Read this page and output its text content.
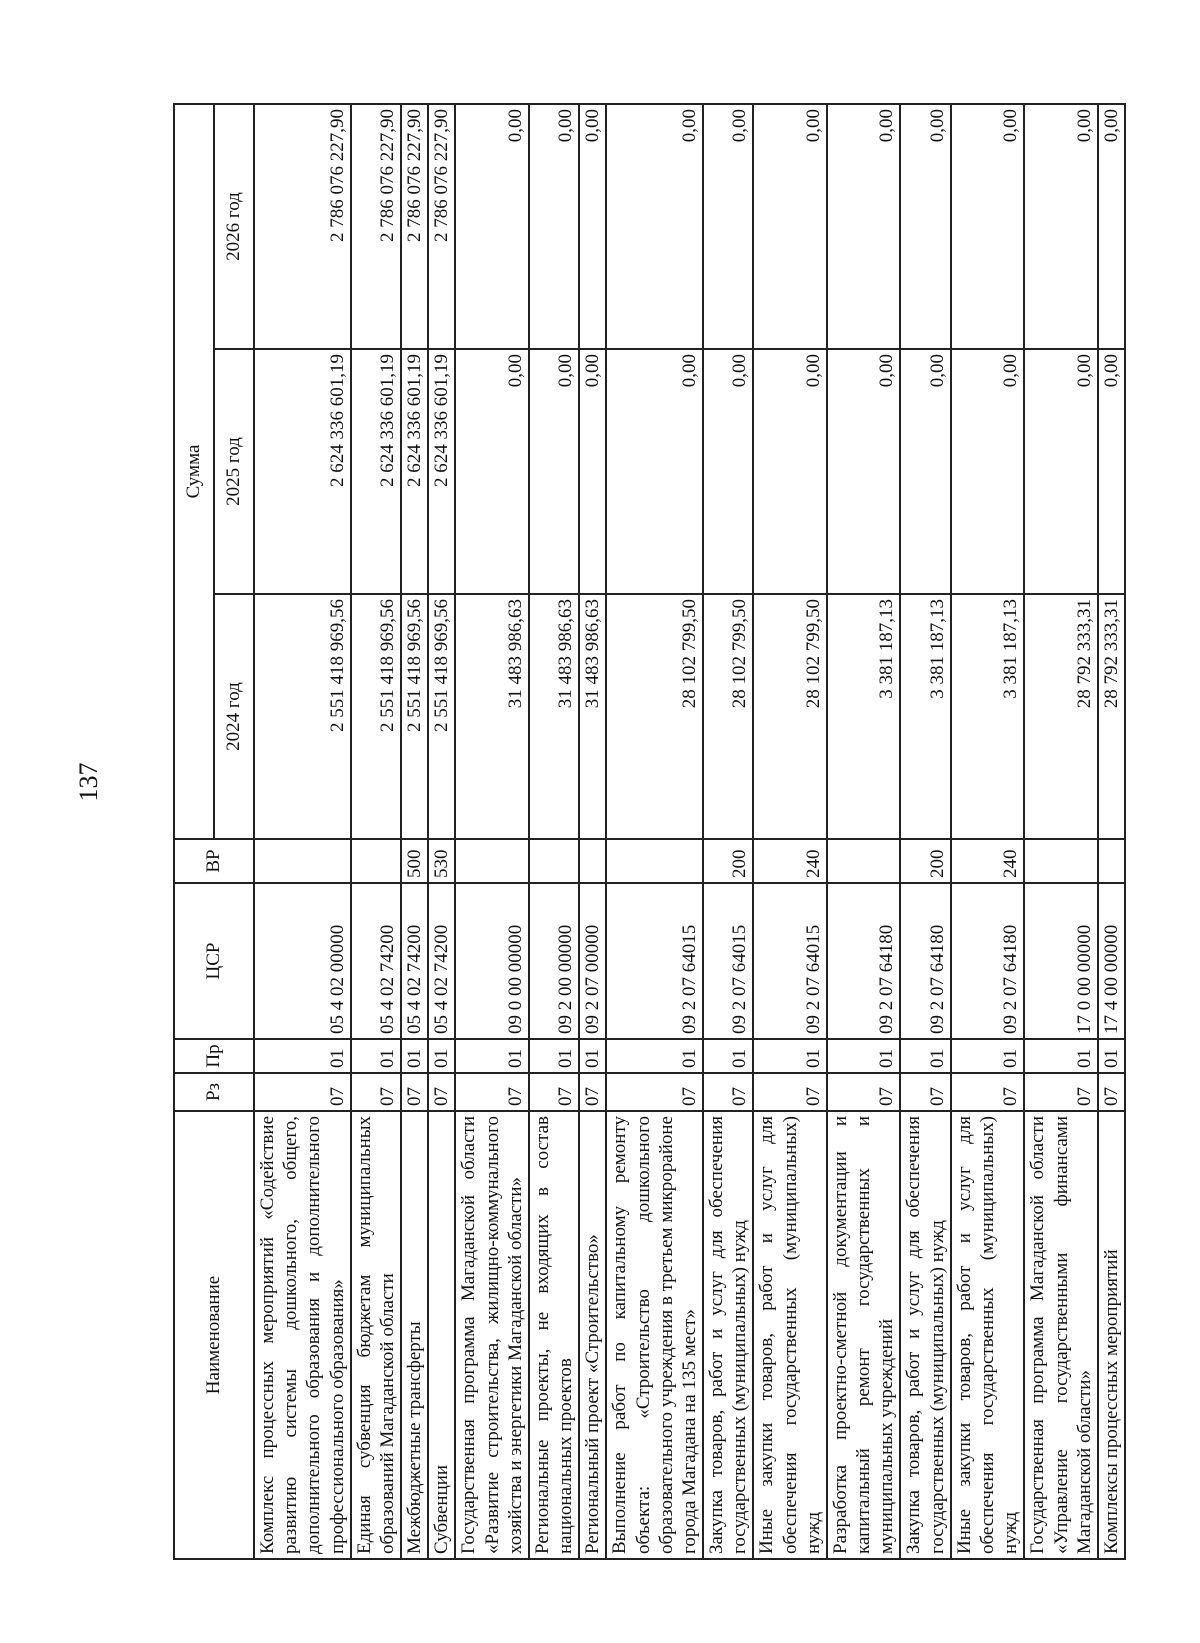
137
Наименование	Рз	Пр	ЦСР	ВР	Сумма		
					2024 год	2025 год	2026 год
Комплекс процессных мероприятий «Содействие развитию системы дошкольного, общего, дополнительного образования и дополнительного профессионального образования»	07	01	05 4 02 00000		2 551 418 969,56	2 624 336 601,19	2 786 076 227,90
Единая субвенция бюджетам муниципальных образований Магаданской области	07	01	05 4 02 74200		2 551 418 969,56	2 624 336 601,19	2 786 076 227,90
Межбюджетные трансферты	07	01	05 4 02 74200	500	2 551 418 969,56	2 624 336 601,19	2 786 076 227,90
Субвенции	07	01	05 4 02 74200	530	2 551 418 969,56	2 624 336 601,19	2 786 076 227,90
Государственная программа Магаданской области «Развитие строительства, жилищно-коммунального хозяйства и энергетики Магаданской области»	07	01	09 0 00 00000		31 483 986,63	0,00	0,00
Региональные проекты, не входящих в состав национальных проектов	07	01	09 2 00 00000		31 483 986,63	0,00	0,00
Региональный проект «Строительство»	07	01	09 2 07 00000		31 483 986,63	0,00	0,00
Выполнение работ по капитальному ремонту объекта: «Строительство дошкольного образовательного учреждения в третьем микрорайоне города Магадана на 135 мест»	07	01	09 2 07 64015		28 102 799,50	0,00	0,00
Закупка товаров, работ и услуг для обеспечения государственных (муниципальных) нужд	07	01	09 2 07 64015	200	28 102 799,50	0,00	0,00
Иные закупки товаров, работ и услуг для обеспечения государственных (муниципальных) нужд	07	01	09 2 07 64015	240	28 102 799,50	0,00	0,00
Разработка проектно-сметной документации и капитальный ремонт государственных и муниципальных учреждений	07	01	09 2 07 64180		3 381 187,13	0,00	0,00
Закупка товаров, работ и услуг для обеспечения государственных (муниципальных) нужд	07	01	09 2 07 64180	200	3 381 187,13	0,00	0,00
Иные закупки товаров, работ и услуг для обеспечения государственных (муниципальных) нужд	07	01	09 2 07 64180	240	3 381 187,13	0,00	0,00
Государственная программа Магаданской области «Управление государственными финансами Магаданской области»	07	01	17 0 00 00000		28 792 333,31	0,00	0,00
Комплексы процессных мероприятий	07	01	17 4 00 00000		28 792 333,31	0,00	0,00
